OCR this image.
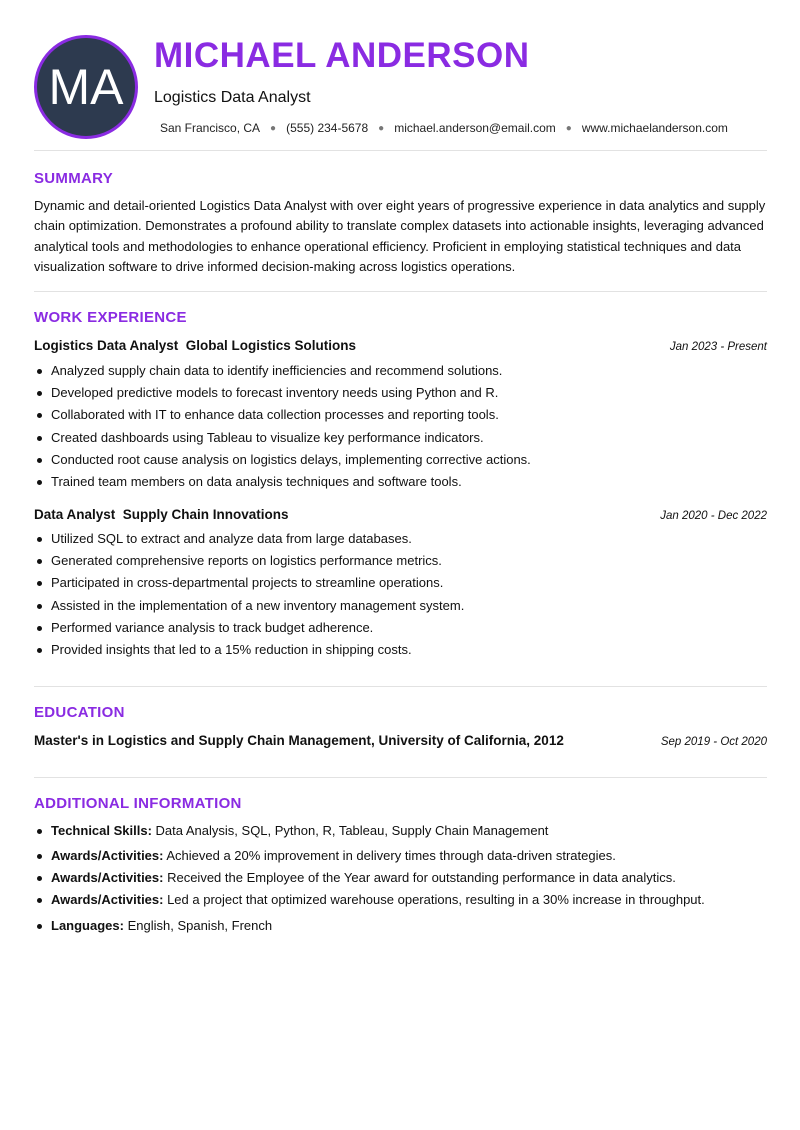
MA
MICHAEL ANDERSON
Logistics Data Analyst
San Francisco, CA ● (555) 234-5678 ● michael.anderson@email.com ● www.michaelanderson.com
SUMMARY

Dynamic and detail-oriented Logistics Data Analyst with over eight years of progressive experience in data analytics and supply chain optimization. Demonstrates a profound ability to translate complex datasets into actionable insights, leveraging advanced analytical tools and methodologies to enhance operational efficiency. Proficient in employing statistical techniques and data visualization software to drive informed decision-making across logistics operations.

WORK EXPERIENCE
Logistics Data Analyst  Global Logistics Solutions	Jan 2023 - Present
Analyzed supply chain data to identify inefficiencies and recommend solutions.
Developed predictive models to forecast inventory needs using Python and R.
Collaborated with IT to enhance data collection processes and reporting tools.
Created dashboards using Tableau to visualize key performance indicators.
Conducted root cause analysis on logistics delays, implementing corrective actions.
Trained team members on data analysis techniques and software tools.
Data Analyst  Supply Chain Innovations	Jan 2020 - Dec 2022
Utilized SQL to extract and analyze data from large databases.
Generated comprehensive reports on logistics performance metrics.
Participated in cross-departmental projects to streamline operations.
Assisted in the implementation of a new inventory management system.
Performed variance analysis to track budget adherence.
Provided insights that led to a 15% reduction in shipping costs.
EDUCATION
Master's in Logistics and Supply Chain Management, University of California, 2012	Sep 2019 - Oct 2020
ADDITIONAL INFORMATION
Technical Skills: Data Analysis, SQL, Python, R, Tableau, Supply Chain Management
Awards/Activities: Achieved a 20% improvement in delivery times through data-driven strategies.
Awards/Activities: Received the Employee of the Year award for outstanding performance in data analytics.
Awards/Activities: Led a project that optimized warehouse operations, resulting in a 30% increase in throughput.
Languages: English, Spanish, French
